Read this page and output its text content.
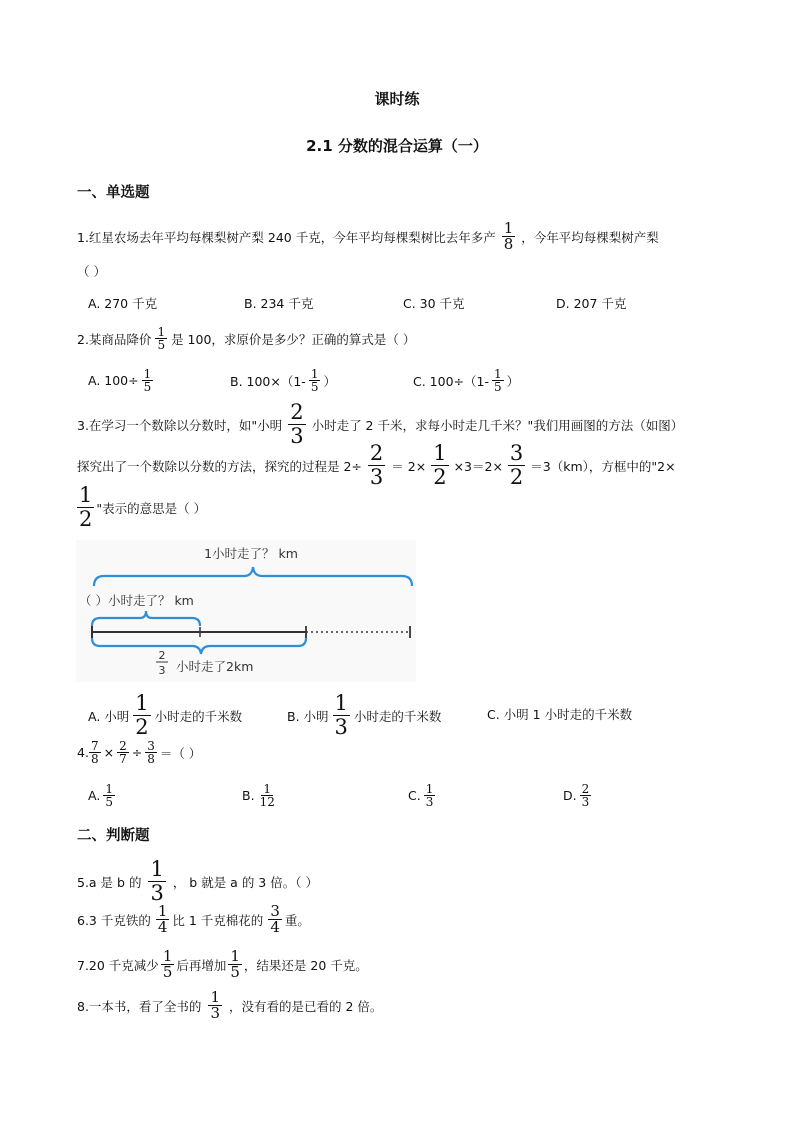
课时练
2.1 分数的混合运算（一）
一、单选题
1.红星农场去年平均每棵梨树产梨 240 千克，今年平均每棵梨树比去年多产 $\frac{1}{8}$ ，今年平均每棵梨树产梨
（ ）
A. 270 千克	B. 234 千克	C. 30 千克	D. 207 千克
2.某商品降价 $\frac{1}{5}$ 是 100，求原价是多少？正确的算式是（ ）
A. $100\div \frac{1}{5}$	B. $100\times(1- \frac{1}{5}$ ）	C. $100\div(1- \frac{1}{5}$ ）
3.在学习一个数除以分数时，如"小明 $\frac{2}{3}$ 小时走了 2 千米，求每小时走几千米？"我们用画图的方法（如图）
探究出了一个数除以分数的方法，探究的过程是 $2\div \frac{2}{3} = 2\times \frac{1}{2} \times 3=2\times \frac{3}{2} =3(km)$，方框中的"2×
$\frac{1}{2}$ "表示的意思是（ ）
1小时走了？ km
（ ）小时走了？ km
2
3 小时走了2km
A. 小明 $\frac{1}{2}$ 小时走的千米数	B. 小明 $\frac{1}{3}$ 小时走的千米数	C. 小明 1 小时走的千米数
4. $\frac{7}{8} \times \frac{2}{7} \div \frac{3}{8}$ ＝（ ）
A. $\frac{1}{5}$	B. $\frac{1}{12}$	C. $\frac{1}{3}$	D. $\frac{2}{3}$
二、判断题
5.a 是 b 的 $\frac{1}{3}$ ， b 就是 a 的 3 倍。（ ）
6.3 千克铁的 $\frac{1}{4}$ 比 1 千克棉花的 $\frac{3}{4}$ 重。
7.20 千克减少 $\frac{1}{5}$ 后再增加 $\frac{1}{5}$ ，结果还是 20 千克。
8.一本书，看了全书的 $\frac{1}{3}$ ，没有看的是已看的 2 倍。
